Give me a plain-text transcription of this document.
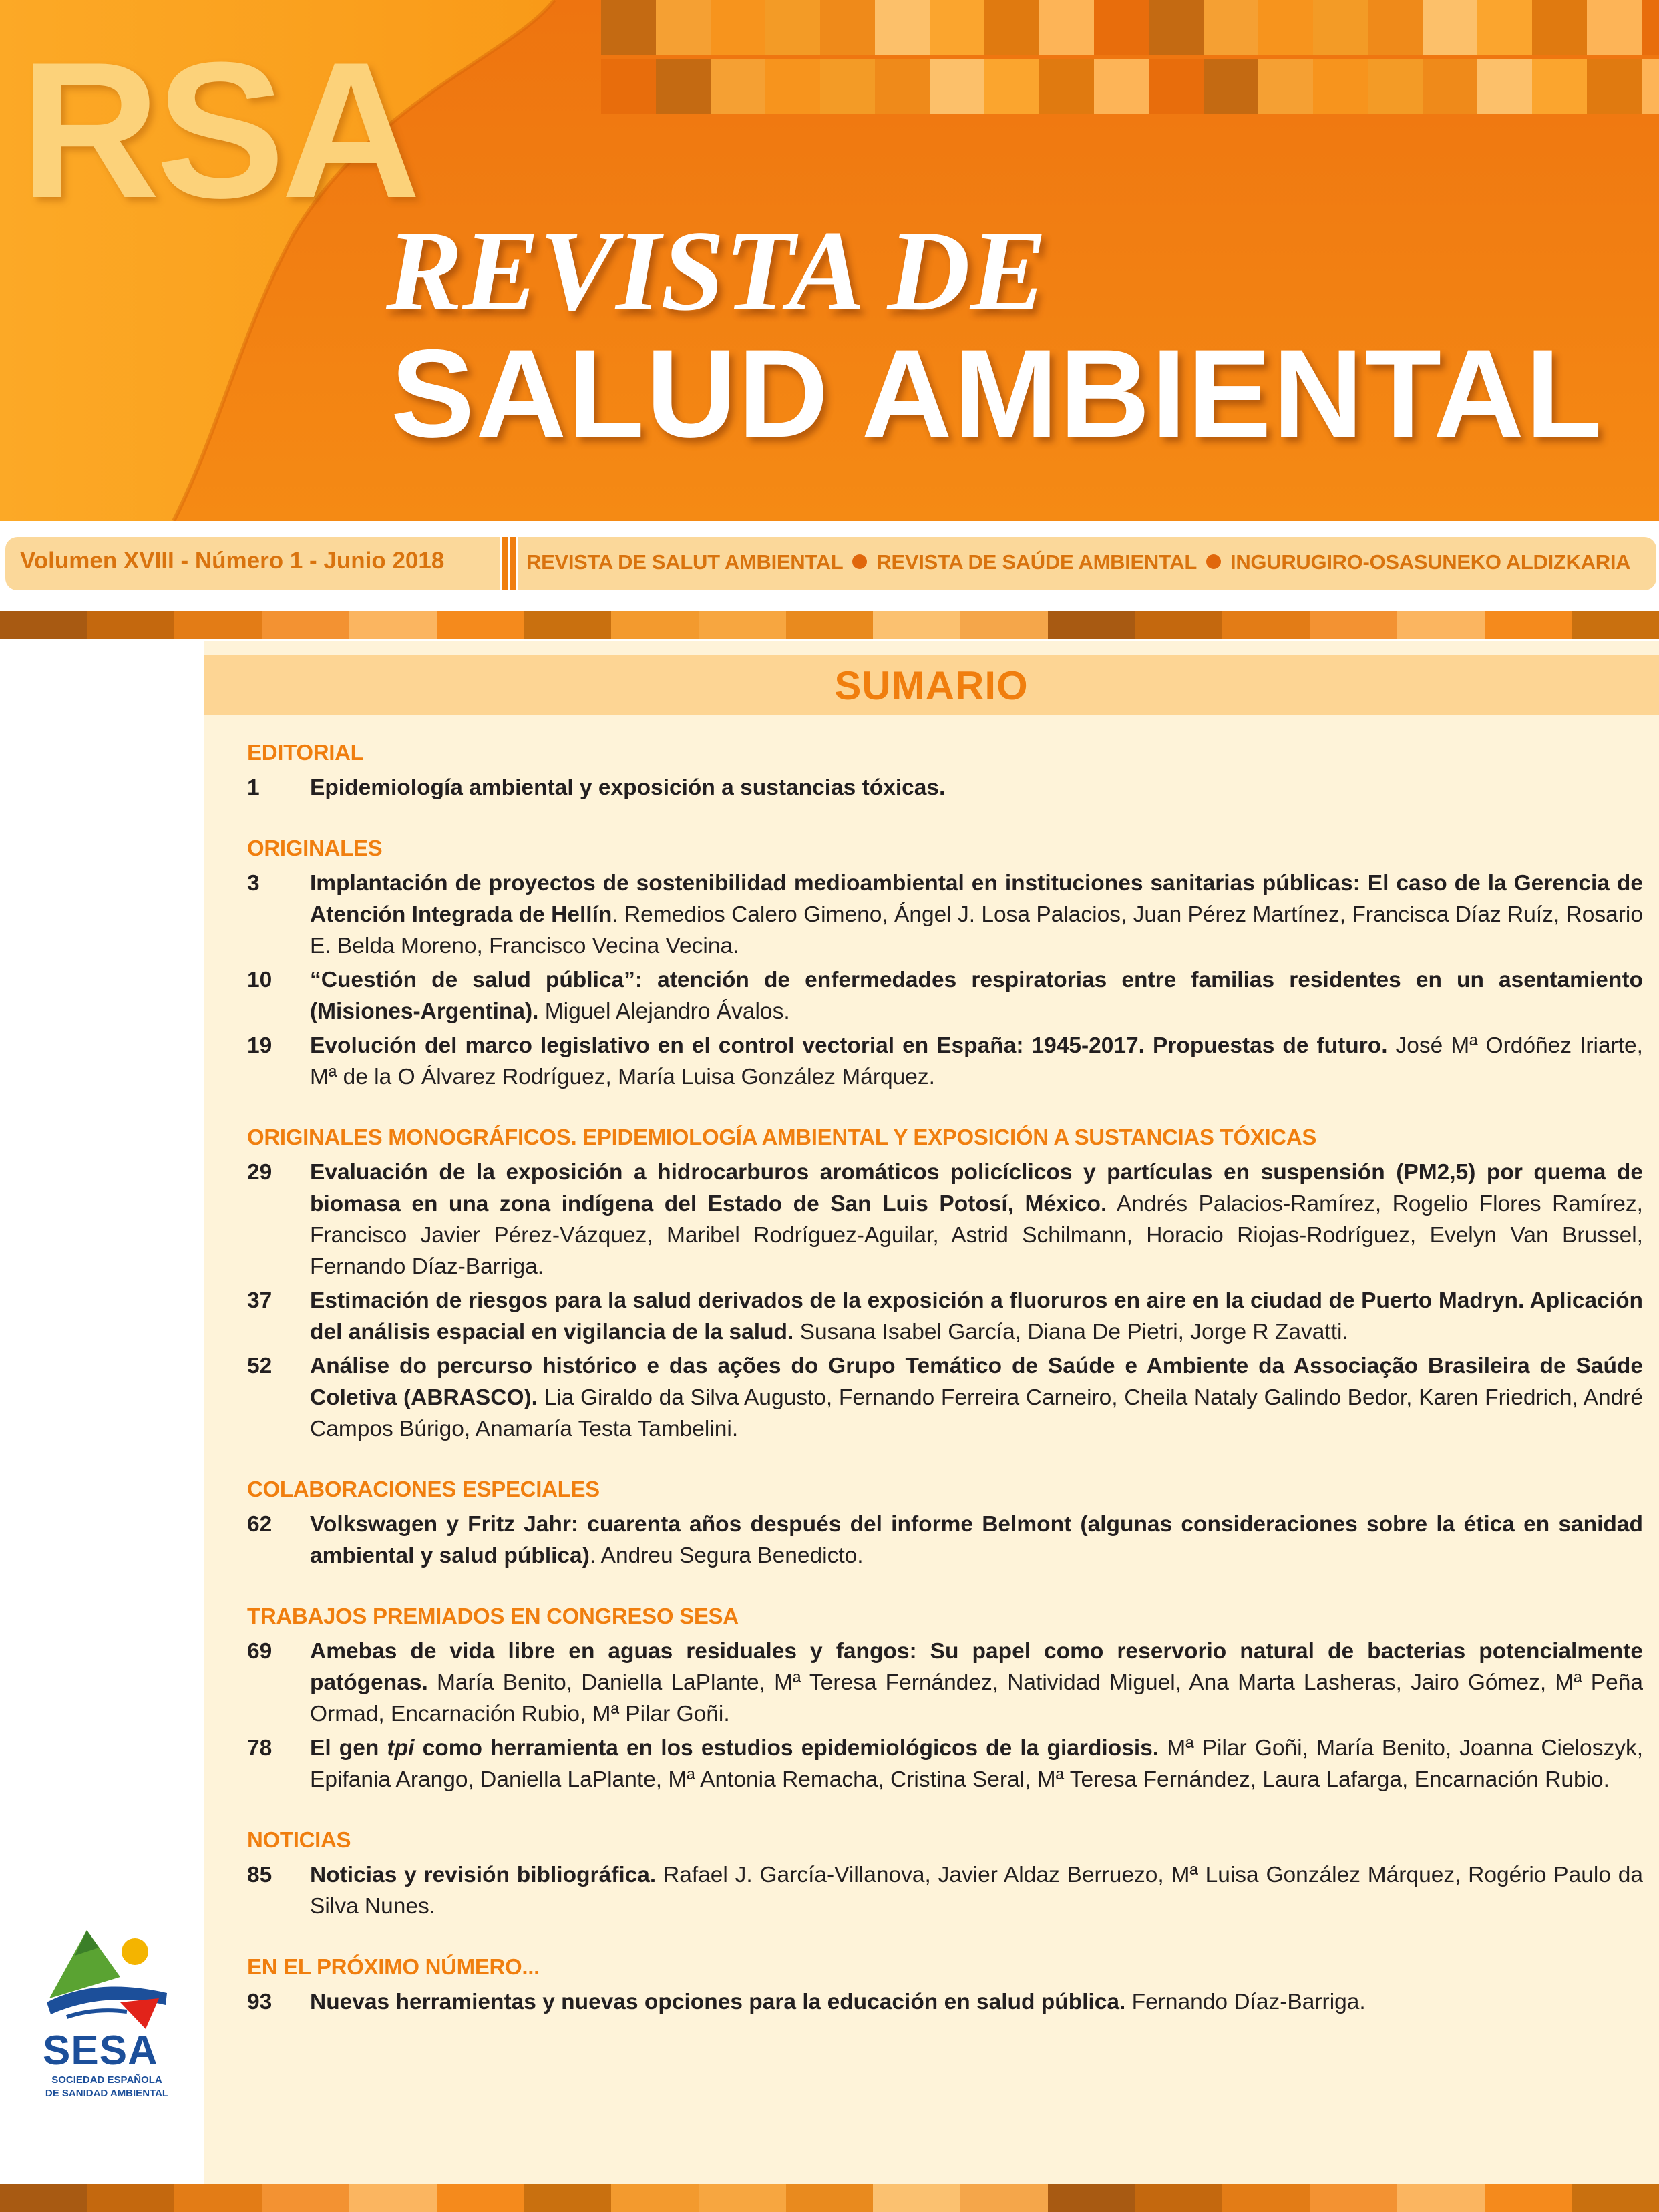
RSA
REVISTA DE
SALUD AMBIENTAL
Volumen XVIII - Número 1 - Junio 2018	REVISTA DE SALUT AMBIENTAL REVISTA DE SAÚDE AMBIENTAL INGURUGIRO-OSASUNEKO ALDIZKARIA
SUMARIO
EDITORIAL
1 Epidemiología ambiental y exposición a sustancias tóxicas.
ORIGINALES
3 Implantación de proyectos de sostenibilidad medioambiental en instituciones sanitarias públicas: El caso de la Gerencia de Atención Integrada de Hellín. Remedios Calero Gimeno, Ángel J. Losa Palacios, Juan Pérez Martínez, Francisca Díaz Ruíz, Rosario E. Belda Moreno, Francisco Vecina Vecina.
10 “Cuestión de salud pública”: atención de enfermedades respiratorias entre familias residentes en un asentamiento (Misiones-Argentina). Miguel Alejandro Ávalos.
19 Evolución del marco legislativo en el control vectorial en España: 1945-2017. Propuestas de futuro. José Mª Ordóñez Iriarte, Mª de la O Álvarez Rodríguez, María Luisa González Márquez.
ORIGINALES MONOGRÁFICOS. EPIDEMIOLOGÍA AMBIENTAL Y EXPOSICIÓN A SUSTANCIAS TÓXICAS
29 Evaluación de la exposición a hidrocarburos aromáticos policíclicos y partículas en suspensión (PM2,5) por quema de biomasa en una zona indígena del Estado de San Luis Potosí, México. Andrés Palacios-Ramírez, Rogelio Flores Ramírez, Francisco Javier Pérez-Vázquez, Maribel Rodríguez-Aguilar, Astrid Schilmann, Horacio Riojas-Rodríguez, Evelyn Van Brussel, Fernando Díaz-Barriga.
37 Estimación de riesgos para la salud derivados de la exposición a fluoruros en aire en la ciudad de Puerto Madryn. Aplicación del análisis espacial en vigilancia de la salud. Susana Isabel García, Diana De Pietri, Jorge R Zavatti.
52 Análise do percurso histórico e das ações do Grupo Temático de Saúde e Ambiente da Associação Brasileira de Saúde Coletiva (ABRASCO). Lia Giraldo da Silva Augusto, Fernando Ferreira Carneiro, Cheila Nataly Galindo Bedor, Karen Friedrich, André Campos Búrigo, Anamaría Testa Tambelini.
COLABORACIONES ESPECIALES
62 Volkswagen y Fritz Jahr: cuarenta años después del informe Belmont (algunas consideraciones sobre la ética en sanidad ambiental y salud pública). Andreu Segura Benedicto.
TRABAJOS PREMIADOS EN CONGRESO SESA
69 Amebas de vida libre en aguas residuales y fangos: Su papel como reservorio natural de bacterias potencialmente patógenas. María Benito, Daniella LaPlante, Mª Teresa Fernández, Natividad Miguel, Ana Marta Lasheras, Jairo Gómez, Mª Peña Ormad, Encarnación Rubio, Mª Pilar Goñi.
78 El gen tpi como herramienta en los estudios epidemiológicos de la giardiosis. Mª Pilar Goñi, María Benito, Joanna Cieloszyk, Epifania Arango, Daniella LaPlante, Mª Antonia Remacha, Cristina Seral, Mª Teresa Fernández, Laura Lafarga, Encarnación Rubio.
NOTICIAS
85 Noticias y revisión bibliográfica. Rafael J. García-Villanova, Javier Aldaz Berruezo, Mª Luisa González Márquez, Rogério Paulo da Silva Nunes.
EN EL PRÓXIMO NÚMERO...
93 Nuevas herramientas y nuevas opciones para la educación en salud pública. Fernando Díaz-Barriga.
SESA
SOCIEDAD ESPAÑOLA
DE SANIDAD AMBIENTAL
